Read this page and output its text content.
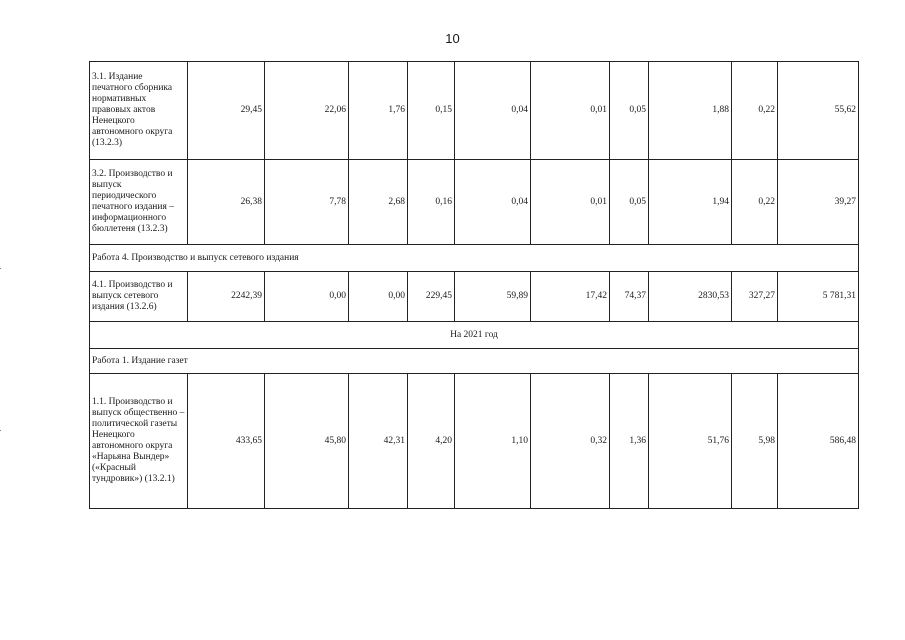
10
3.1. Издание печатного сборника нормативных правовых актов Ненецкого автономного округа (13.2.3)	29,45	22,06	1,76	0,15	0,04	0,01	0,05	1,88	0,22	55,62
3.2. Производство и выпуск периодического печатного издания – информационного бюллетеня (13.2.3)	26,38	7,78	2,68	0,16	0,04	0,01	0,05	1,94	0,22	39,27
Работа 4. Производство и выпуск сетевого издания										
4.1. Производство и выпуск сетевого издания (13.2.6)	2242,39	0,00	0,00	229,45	59,89	17,42	74,37	2830,53	327,27	5 781,31
На 2021 год										
Работа 1. Издание газет										
1.1. Производство и выпуск общественно – политической газеты Ненецкого автономного округа «Нарьяна Вындер» («Красный тундровик») (13.2.1)	433,65	45,80	42,31	4,20	1,10	0,32	1,36	51,76	5,98	586,48
